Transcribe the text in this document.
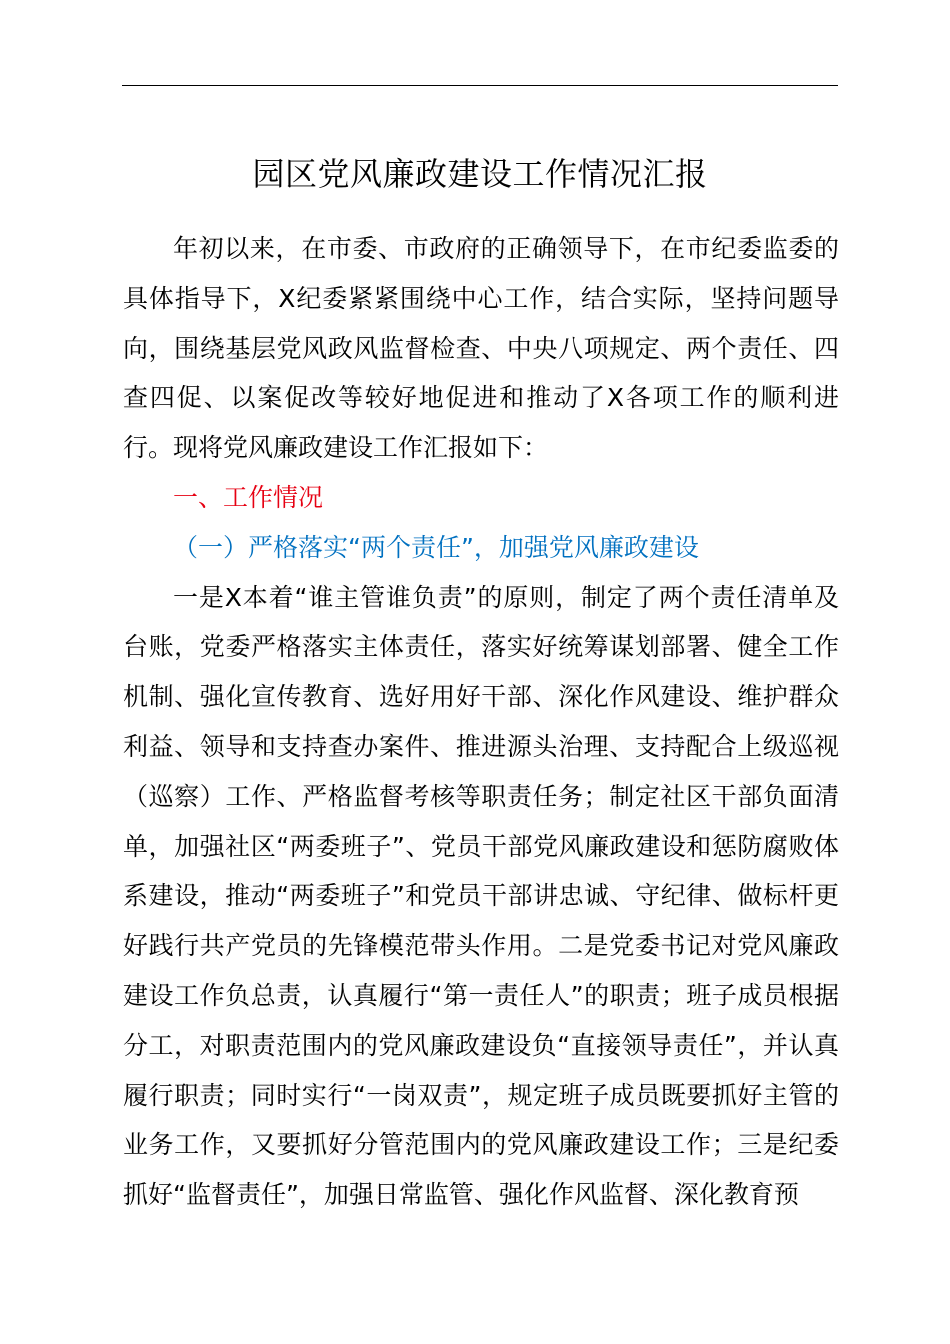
园区党风廉政建设工作情况汇报

年初以来，在市委、市政府的正确领导下，在市纪委监委的具体指导下，X纪委紧紧围绕中心工作，结合实际，坚持问题导向，围绕基层党风政风监督检查、中央八项规定、两个责任、四查四促、以案促改等较好地促进和推动了X各项工作的顺利进行。现将党风廉政建设工作汇报如下：

一、工作情况

（一）严格落实“两个责任”，加强党风廉政建设

一是X本着“谁主管谁负责”的原则，制定了两个责任清单及台账，党委严格落实主体责任，落实好统筹谋划部署、健全工作机制、强化宣传教育、选好用好干部、深化作风建设、维护群众利益、领导和支持查办案件、推进源头治理、支持配合上级巡视（巡察）工作、严格监督考核等职责任务；制定社区干部负面清单，加强社区“两委班子”、党员干部党风廉政建设和惩防腐败体系建设，推动“两委班子”和党员干部讲忠诚、守纪律、做标杆更好践行共产党员的先锋模范带头作用。二是党委书记对党风廉政建设工作负总责，认真履行“第一责任人”的职责；班子成员根据分工，对职责范围内的党风廉政建设负“直接领导责任”，并认真履行职责；同时实行“一岗双责”，规定班子成员既要抓好主管的业务工作，又要抓好分管范围内的党风廉政建设工作；三是纪委抓好“监督责任”，加强日常监管、强化作风监督、深化教育预
